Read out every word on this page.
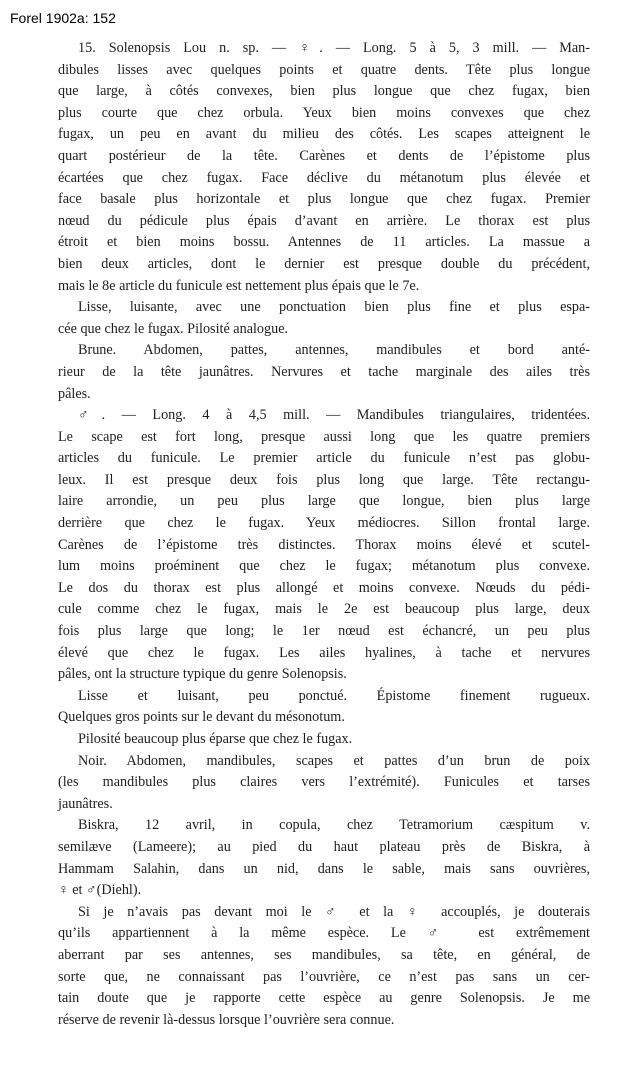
Forel 1902a: 152
15. Solenopsis Lou n. sp. — ♀. — Long. 5 à 5, 3 mill. — Man-
dibules lisses avec quelques points et quatre dents. Tête plus longue
que large, à côtés convexes, bien plus longue que chez fugax, bien
plus courte que chez orbula. Yeux bien moins convexes que chez
fugax, un peu en avant du milieu des côtés. Les scapes atteignent le
quart postérieur de la tête. Carènes et dents de l’épistome plus
écartées que chez fugax. Face déclive du métanotum plus élevée et
face basale plus horizontale et plus longue que chez fugax. Premier
nœud du pédicule plus épais d’avant en arrière. Le thorax est plus
étroit et bien moins bossu. Antennes de 11 articles. La massue a
bien deux articles, dont le dernier est presque double du précédent,
mais le 8e article du funicule est nettement plus épais que le 7e.
Lisse, luisante, avec une ponctuation bien plus fine et plus espa-
cée que chez le fugax. Pilosité analogue.
Brune. Abdomen, pattes, antennes, mandibules et bord anté-
rieur de la tête jaunâtres. Nervures et tache marginale des ailes très
pâles.
♂. — Long. 4 à 4,5 mill. — Mandibules triangulaires, tridentées.
Le scape est fort long, presque aussi long que les quatre premiers
articles du funicule. Le premier article du funicule n’est pas globu-
leux. Il est presque deux fois plus long que large. Tête rectangu-
laire arrondie, un peu plus large que longue, bien plus large
derrière que chez le fugax. Yeux médiocres. Sillon frontal large.
Carènes de l’épistome très distinctes. Thorax moins élevé et scutel-
lum moins proéminent que chez le fugax; métanotum plus convexe.
Le dos du thorax est plus allongé et moins convexe. Nœuds du pédi-
cule comme chez le fugax, mais le 2e est beaucoup plus large, deux
fois plus large que long; le 1er nœud est échancré, un peu plus
élevé que chez le fugax. Les ailes hyalines, à tache et nervures
pâles, ont la structure typique du genre Solenopsis.
Lisse et luisant, peu ponctué. Épistome finement rugueux.
Quelques gros points sur le devant du mésonotum.
Pilosité beaucoup plus éparse que chez le fugax.
Noir. Abdomen, mandibules, scapes et pattes d’un brun de poix
(les mandibules plus claires vers l’extrémité). Funicules et tarses
jaunâtres.
Biskra, 12 avril, in copula, chez Tetramorium cæspitum v.
semilæve (Lameere); au pied du haut plateau près de Biskra, à
Hammam Salahin, dans un nid, dans le sable, mais sans ouvrières,
♀ et ♂(Diehl).
Si je n’avais pas devant moi le ♂ et la ♀ accouplés, je douterais
qu’ils appartiennent à la même espèce. Le ♂ est extrêmement
aberrant par ses antennes, ses mandibules, sa tête, en général, de
sorte que, ne connaissant pas l’ouvrière, ce n’est pas sans un cer-
tain doute que je rapporte cette espèce au genre Solenopsis. Je me
réserve de revenir là-dessus lorsque l’ouvrière sera connue.
